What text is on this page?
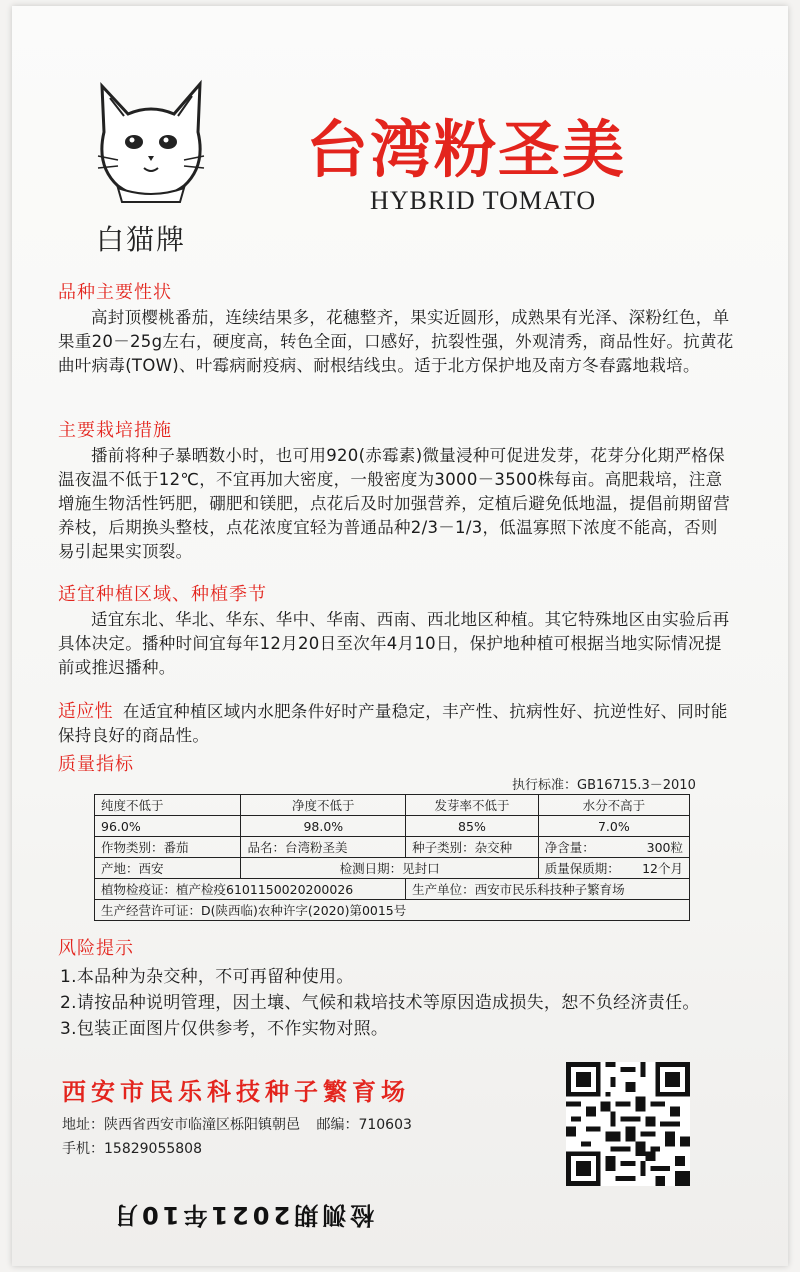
白猫牌
台湾粉圣美
HYBRID TOMATO
品种主要性状
高封顶樱桃番茄，连续结果多，花穗整齐，果实近圆形，成熟果有光泽、深粉红色，单果重20－25g左右，硬度高，转色全面，口感好，抗裂性强，外观清秀，商品性好。抗黄花曲叶病毒(TOW)、叶霉病耐疫病、耐根结线虫。适于北方保护地及南方冬春露地栽培。
主要栽培措施
播前将种子暴晒数小时，也可用920(赤霉素)微量浸种可促进发芽，花芽分化期严格保温夜温不低于12℃，不宜再加大密度，一般密度为3000－3500株每亩。高肥栽培，注意增施生物活性钙肥，硼肥和镁肥，点花后及时加强营养，定植后避免低地温，提倡前期留营养枝，后期换头整枝，点花浓度宜轻为普通品种2/3－1/3，低温寡照下浓度不能高，否则易引起果实顶裂。
适宜种植区域、种植季节
适宜东北、华北、华东、华中、华南、西南、西北地区种植。其它特殊地区由实验后再具体决定。播种时间宜每年12月20日至次年4月10日，保护地种植可根据当地实际情况提前或推迟播种。
适应性 在适宜种植区域内水肥条件好时产量稳定，丰产性、抗病性好、抗逆性好、同时能保持良好的商品性。
质量指标
执行标准：GB16715.3－2010
纯度不低于	净度不低于	发芽率不低于	水分不高于
96.0%	98.0%	85%	7.0%
作物类别：番茄	品名：台湾粉圣美	种子类别：杂交种	净含量： 300粒

产地：西安	检测日期：见封口		质量保质期： 12个月

植物检疫证：植产检疫6101150020200026		生产单位：西安市民乐科技种子繁育场	
生产经营许可证：D(陕西临)农种许字(2020)第0015号			
风险提示
1.本品种为杂交种，不可再留种使用。
2.请按品种说明管理，因土壤、气候和栽培技术等原因造成损失，恕不负经济责任。
3.包装正面图片仅供参考，不作实物对照。
西安市民乐科技种子繁育场
地址：陕西省西安市临潼区栎阳镇朝邑 邮编：710603
手机：15829055808
检测期2021年10月
